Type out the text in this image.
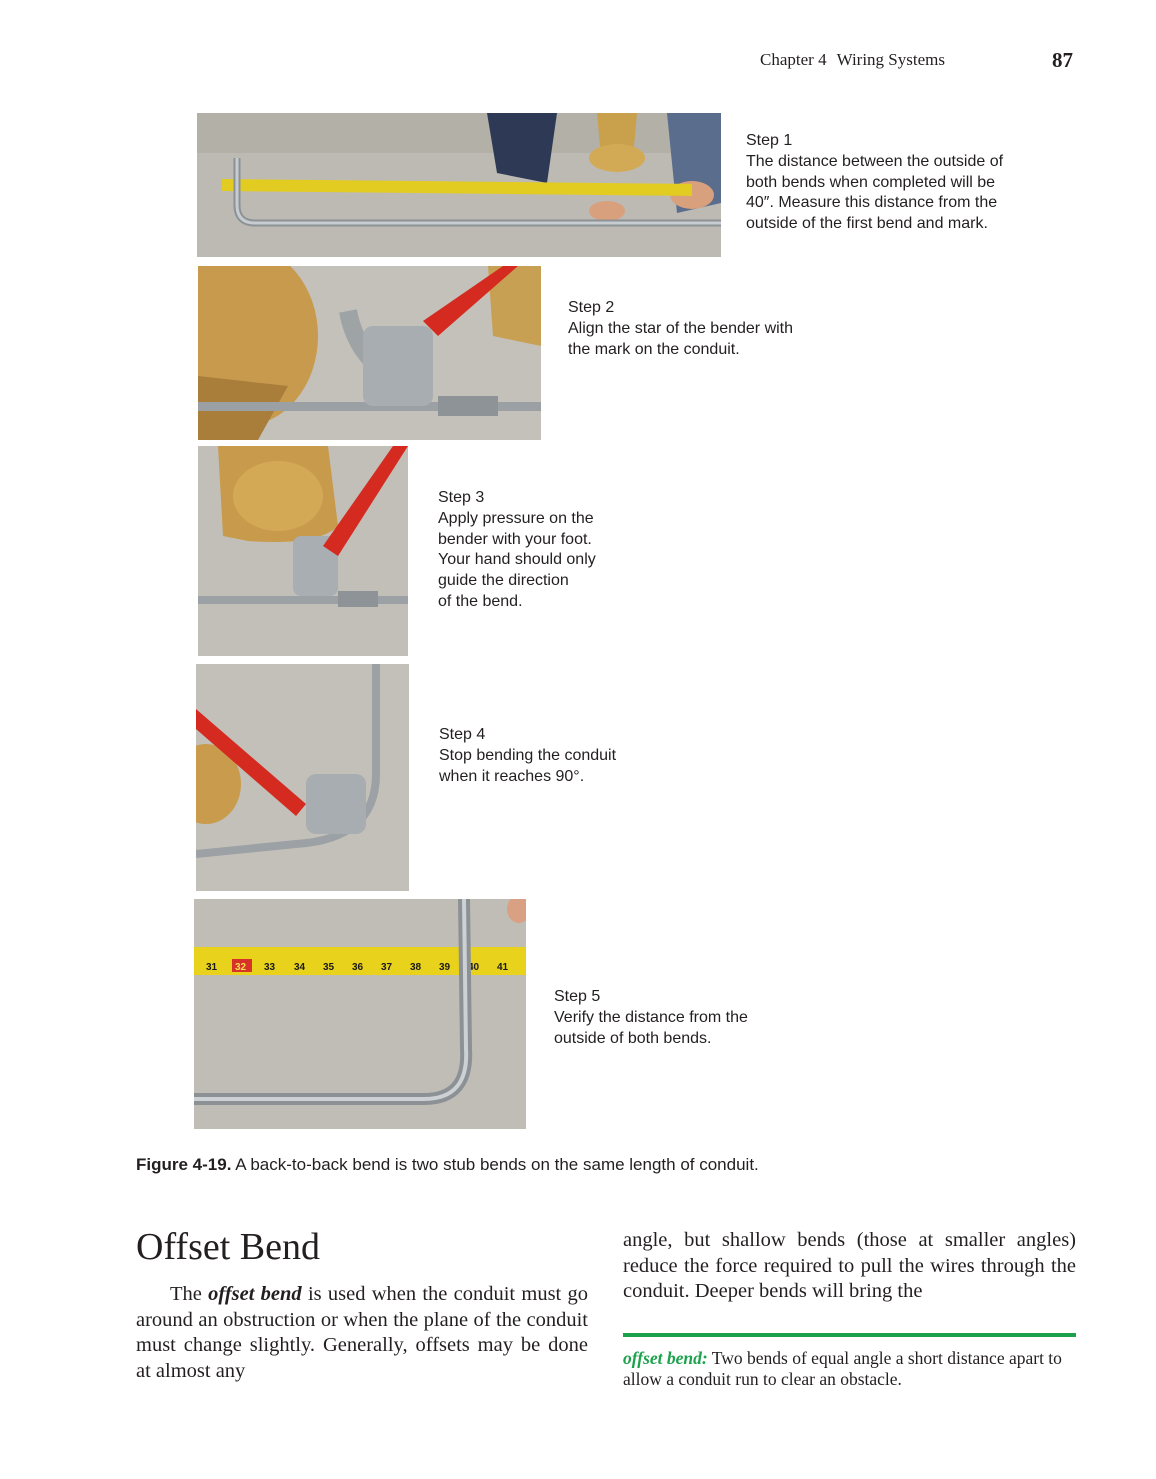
Chapter 4 Wiring Systems	87
Step 1
The distance between the outside of
both bends when completed will be
40″. Measure this distance from the
outside of the first bend and mark.
Step 2
Align the star of the bender with
the mark on the conduit.
Step 3
Apply pressure on the
bender with your foot.
Your hand should only
guide the direction
of the bend.
Step 4
Stop bending the conduit
when it reaches 90°.
31 32 33 34 35 36 37 38 39 40 41
Step 5
Verify the distance from the
outside of both bends.
Figure 4-19. A back-to-back bend is two stub bends on the same length of conduit.
Offset Bend
The offset bend is used when the conduit must go around an obstruction or when the plane of the conduit must change slightly. Generally, offsets may be done at almost any
angle, but shallow bends (those at smaller angles) reduce the force required to pull the wires through the conduit. Deeper bends will bring the
offset bend: Two bends of equal angle a short distance apart to allow a conduit run to clear an obstacle.
